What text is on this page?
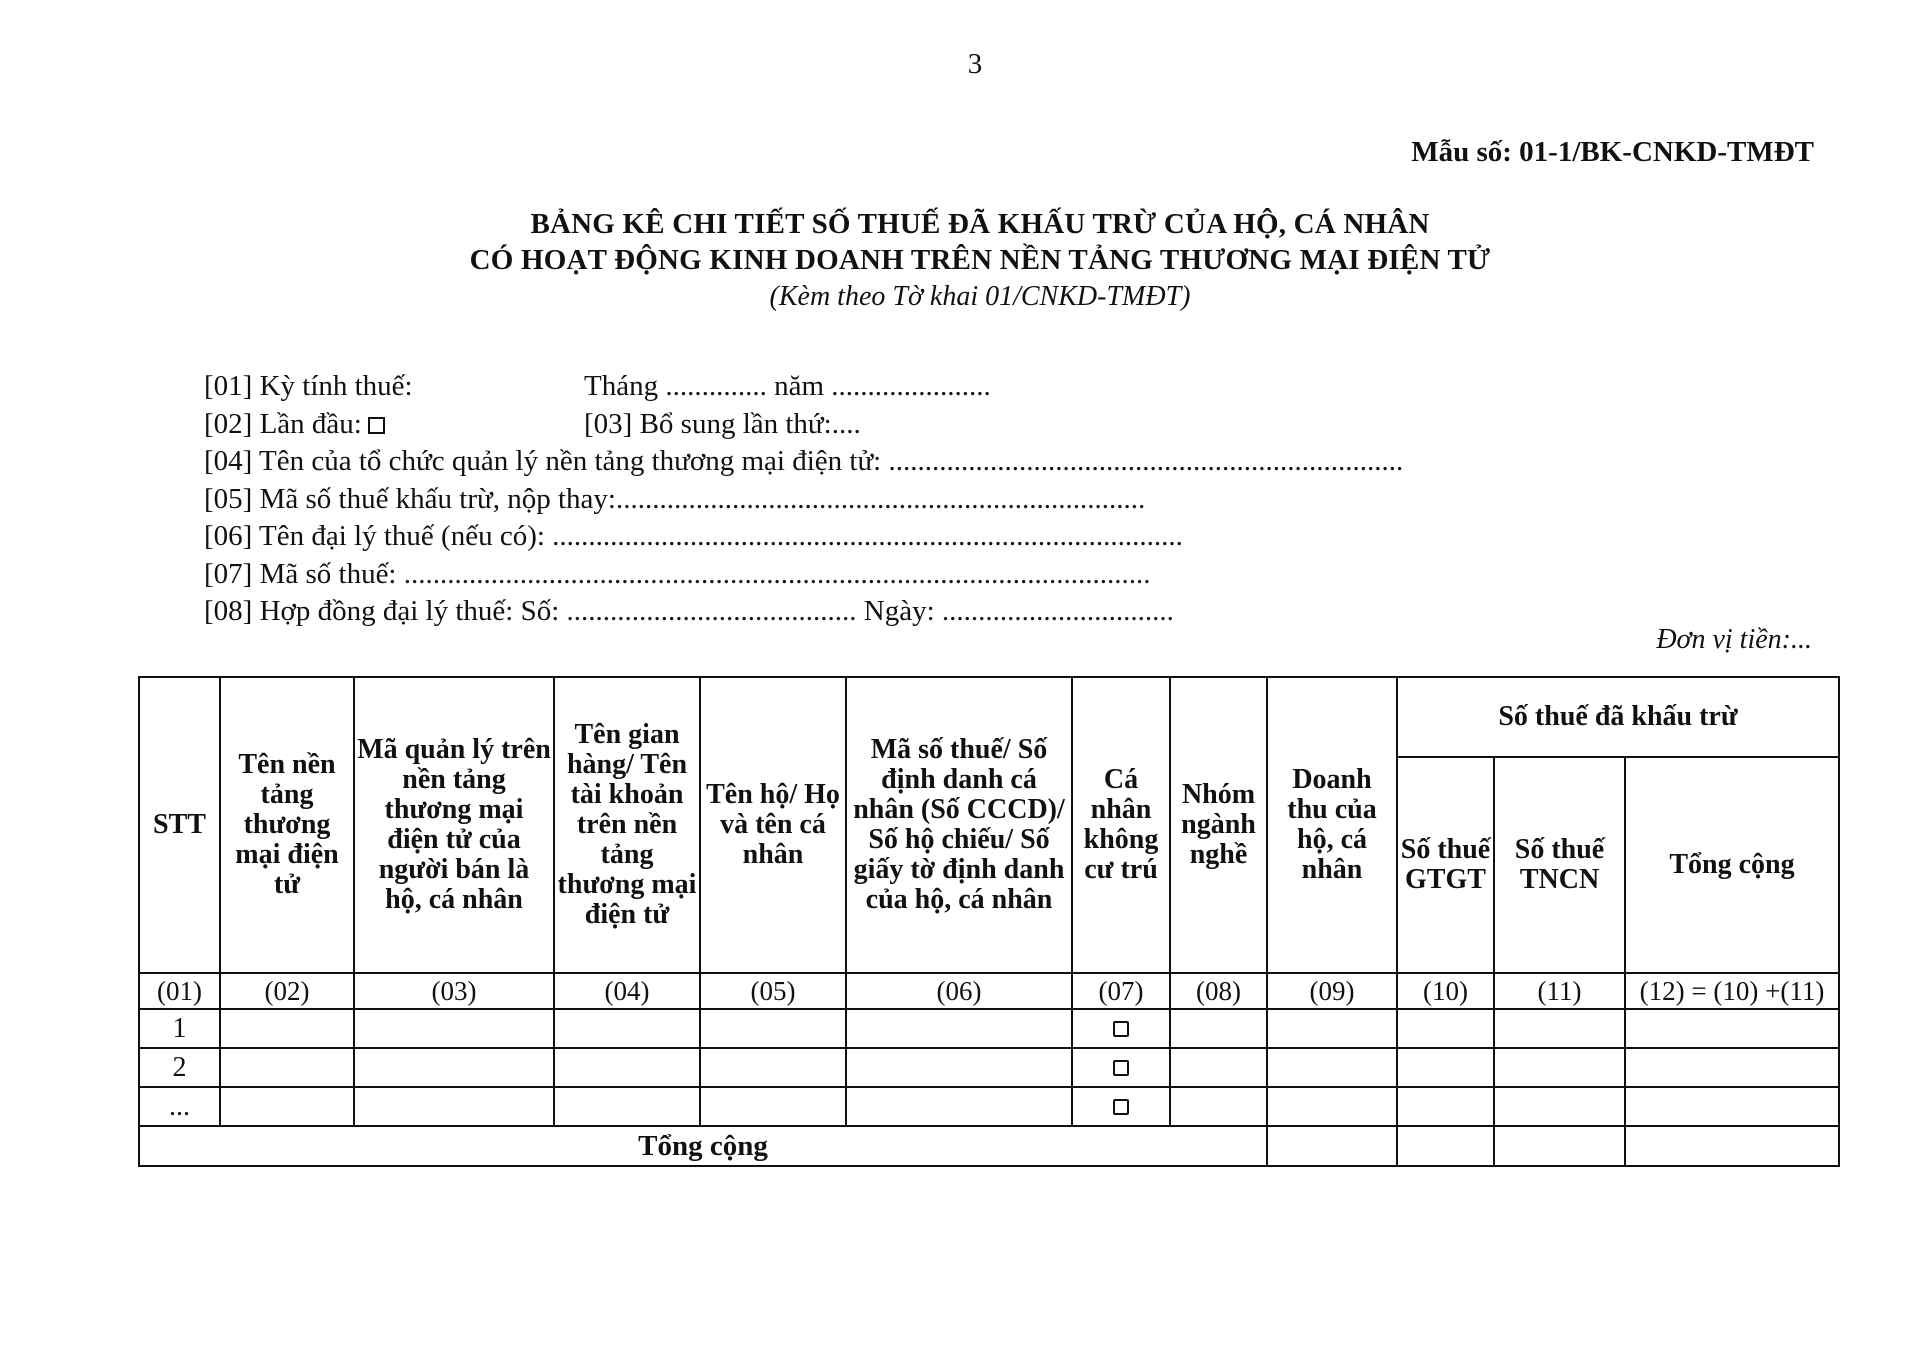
3
Mẫu số: 01-1/BK-CNKD-TMĐT
BẢNG KÊ CHI TIẾT SỐ THUẾ ĐÃ KHẤU TRỪ CỦA HỘ, CÁ NHÂN
CÓ HOẠT ĐỘNG KINH DOANH TRÊN NỀN TẢNG THƯƠNG MẠI ĐIỆN TỬ
(Kèm theo Tờ khai 01/CNKD-TMĐT)
[01] Kỳ tính thuế:	Tháng .............. năm ......................
[02] Lần đầu:	[03] Bổ sung lần thứ:....
[04] Tên của tổ chức quản lý nền tảng thương mại điện tử: .......................................................................
[05] Mã số thuế khấu trừ, nộp thay:.........................................................................
[06] Tên đại lý thuế (nếu có): .......................................................................................
[07] Mã số thuế: .......................................................................................................
[08] Hợp đồng đại lý thuế: Số: ........................................ Ngày: ................................
Đơn vị tiền:...
STT	Tên nền tảng thương mại điện tử	Mã quản lý trên nền tảng thương mại điện tử của người bán là hộ, cá nhân	Tên gian hàng/ Tên tài khoản trên nền tảng thương mại điện tử	Tên hộ/ Họ và tên cá nhân	Mã số thuế/ Số định danh cá nhân (Số CCCD)/ Số hộ chiếu/ Số giấy tờ định danh của hộ, cá nhân	Cá nhân không cư trú	Nhóm ngành nghề	Doanh thu của hộ, cá nhân	Số thuế đã khấu trừ		
									Số thuế GTGT	Số thuế TNCN	Tổng cộng
(01)	(02)	(03)	(04)	(05)	(06)	(07)	(08)	(09)	(10)	(11)	(12) = (10) +(11)
1											
2											
...											
Tổng cộng											
